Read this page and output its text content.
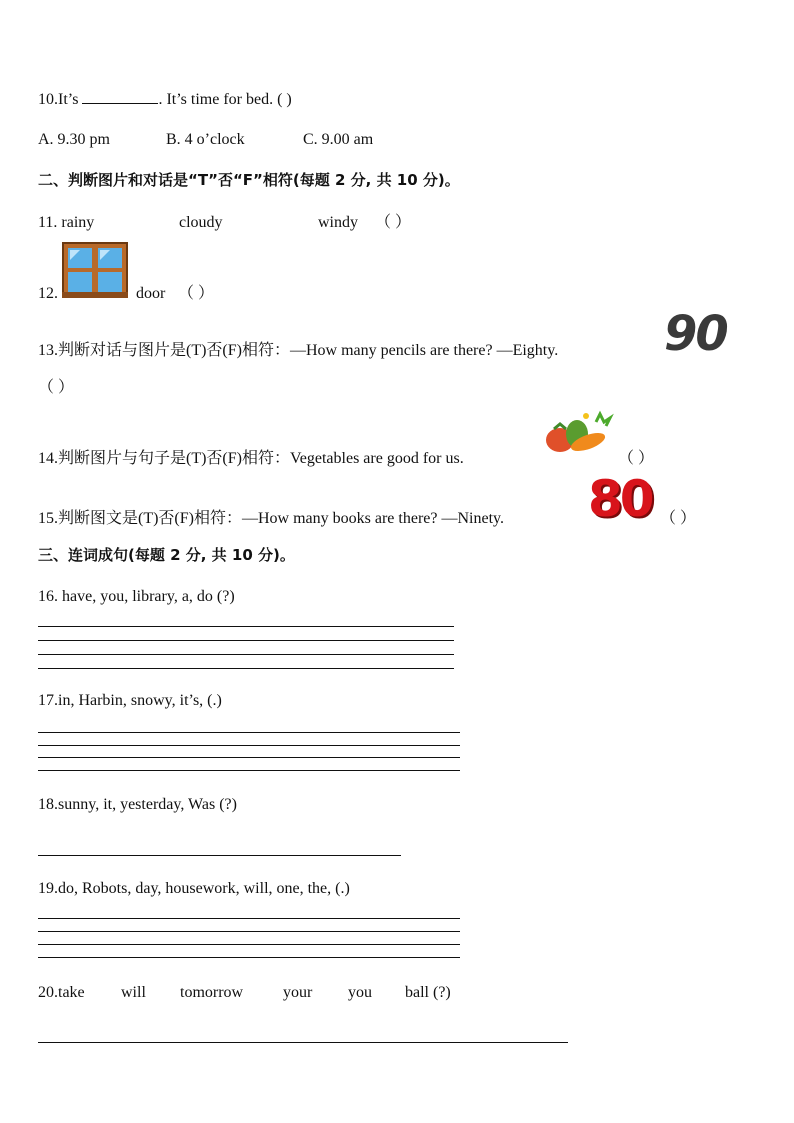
10.It’s	. It’s time for bed. ( )
A. 9.30 pm	B. 4 o’clock	C. 9.00 am
二、判断图片和对话是“T”否“F”相符(每题 2 分, 共 10 分)。
11. rainy	cloudy	windy （ ）
12.	door （ ）
13.判断对话与图片是(T)否(F)相符：—How many pencils are there? —Eighty. 90
（ ）
14.判断图片与句子是(T)否(F)相符：Vegetables are good for us.	（ ）
15.判断图文是(T)否(F)相符：—How many books are there? —Ninety. 80 （ ）
三、连词成句(每题 2 分, 共 10 分)。
16. have, you, library, a, do (?)
17.in, Harbin, snowy, it’s, (.)
18.sunny, it, yesterday, Was (?)
19.do, Robots, day, housework, will, one, the, (.)
20.take will tomorrow your you ball (?)
